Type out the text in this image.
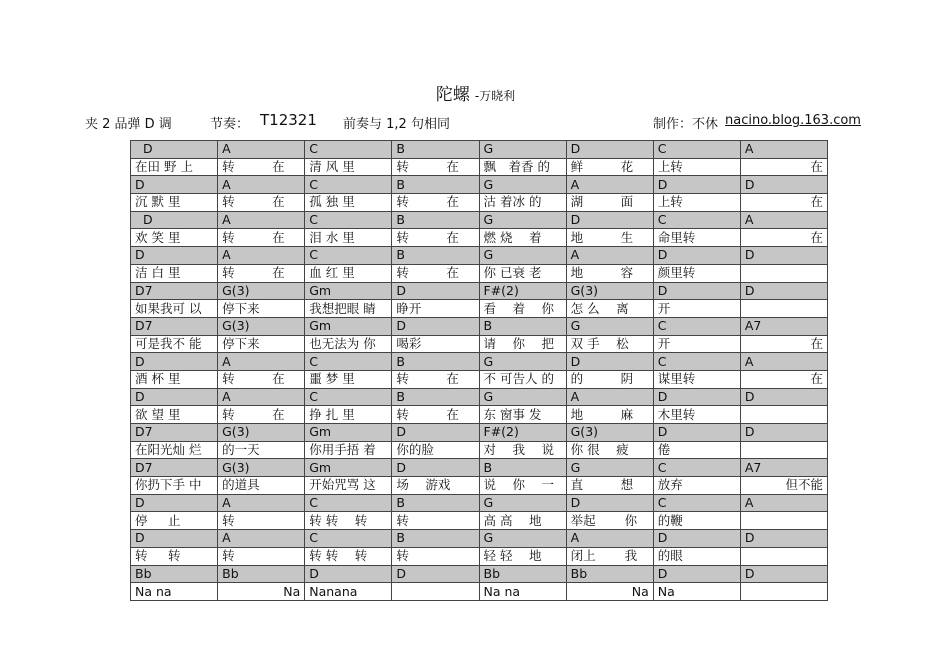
陀螺 -万晓利
夹 2 品弹 D 调	节奏： T12321 前奏与 1,2 句相同	制作：不休 nacino.blog.163.com
D	A	C	B	G	D	C	A
在田 野 上	转　　　在	清 风 里	转　　　在	飘　着香 的	鲜　　　花	上转	在
D	A	C	B	G	A	D	D
沉 默 里	转　　　在	孤 独 里	转　　　在	沽 着冰 的	湖　　　面	上转	在
D	A	C	B	G	D	C	A
欢 笑 里	转　　　在	泪 水 里	转　　　在	燃 烧 　着	地　　　生	命里转	在
D	A	C	B	G	A	D	D
洁 白 里	转　　　在	血 红 里	转　　　在	你 已衰 老	地　　　容	颜里转	
D7	G(3)	Gm	D	F#(2)	G(3)	D	D
如果我可 以	停下来	我想把眼 睛	睁开	看 　着 　你	怎 么 　离	开	
D7	G(3)	Gm	D	B	G	C	A7
可是我不 能	停下来	也无法为 你	喝彩	请 　你 　把	双 手 　松	开	在
D	A	C	B	G	D	C	A
酒 杯 里	转　　　在	噩 梦 里	转　　　在	不 可告人 的	的　　　阴	谋里转	在
D	A	C	B	G	A	D	D
欲 望 里	转　　　在	挣 扎 里	转　　　在	东 窗事 发	地　　　麻	木里转	
D7	G(3)	Gm	D	F#(2)	G(3)	D	D
在阳光灿 烂	的一天	你用手捂 着	你的脸	对 　我 　说	你 很 　疲	倦	
D7	G(3)	Gm	D	B	G	C	A7
你扔下手 中	的道具	开始咒骂 这	场 　游戏	说 　你 　一	直　　　想	放弃	但不能
D	A	C	B	G	D	C	A
停 　 止	转	转 转 　转	转	高 高 　地	举起 　　你	的鞭	
D	A	C	B	G	A	D	D
转 　 转	转	转 转 　转	转	轻 轻 　地	闭上 　　我	的眼	
Bb	Bb	D	D	Bb	Bb	D	D
Na na	Na	Nanana		Na na	Na	Na	
